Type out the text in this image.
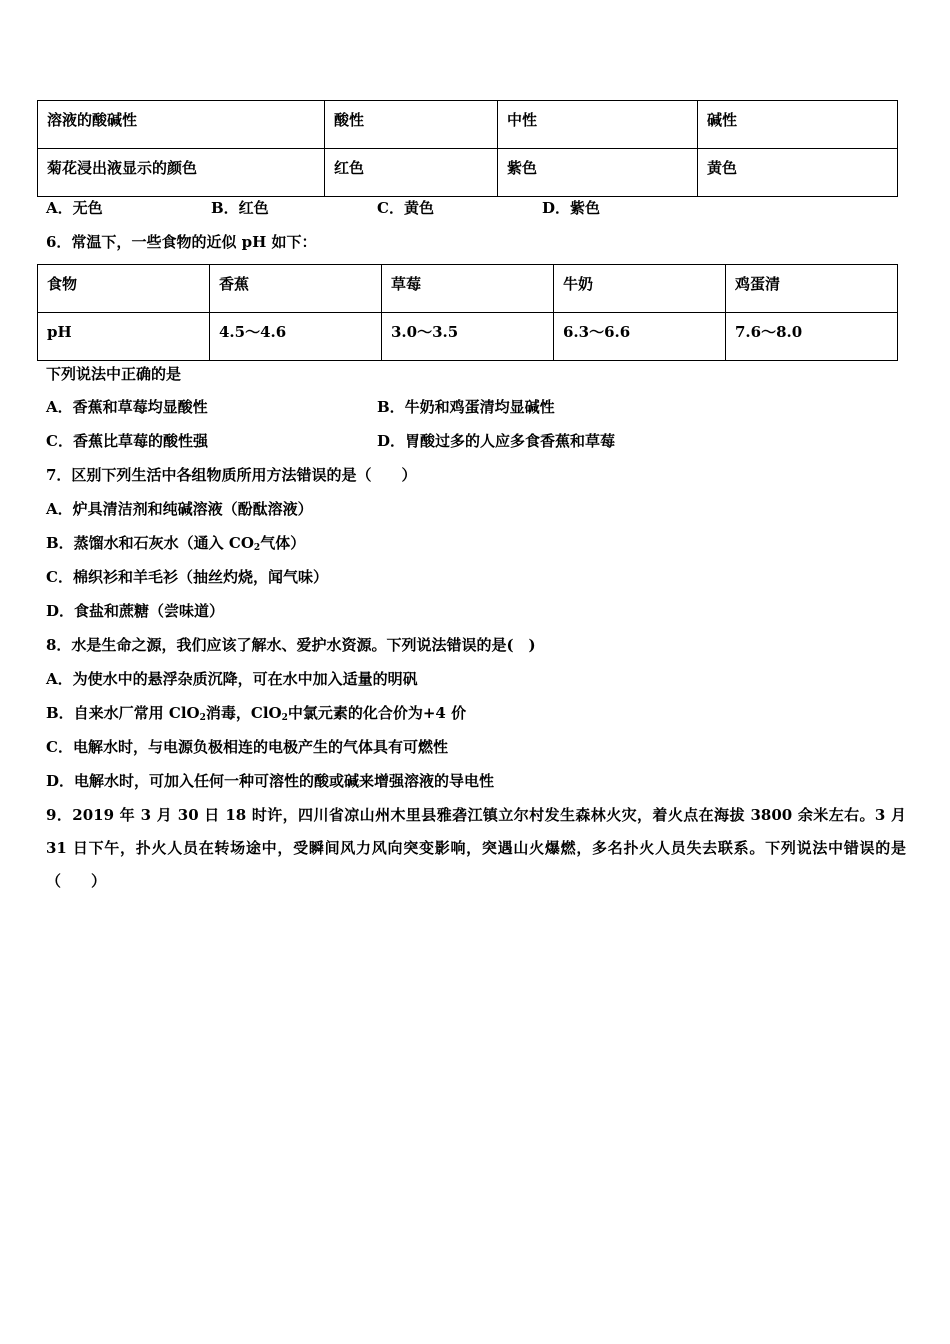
溶液的酸碱性	酸性	中性	碱性
菊花浸出液显示的颜色	红色	紫色	黄色
A．无色	B．红色	C．黄色	D．紫色
6．常温下，一些食物的近似 pH 如下：
食物	香蕉	草莓	牛奶	鸡蛋清
pH	4.5～4.6	3.0～3.5	6.3～6.6	7.6～8.0
下列说法中正确的是
A．香蕉和草莓均显酸性	B．牛奶和鸡蛋清均显碱性
C．香蕉比草莓的酸性强	D．胃酸过多的人应多食香蕉和草莓
7．区别下列生活中各组物质所用方法错误的是（　　）
A．炉具清洁剂和纯碱溶液（酚酞溶液）
B．蒸馏水和石灰水（通入 $CO_2$气体）
C．棉织衫和羊毛衫（抽丝灼烧，闻气味）
D．食盐和蔗糖（尝味道）
8．水是生命之源，我们应该了解水、爱护水资源。下列说法错误的是(　)
A．为使水中的悬浮杂质沉降，可在水中加入适量的明矾
B．自来水厂常用 ClO$_2$消毒，ClO$_2$中氯元素的化合价为+4 价
C．电解水时，与电源负极相连的电极产生的气体具有可燃性
D．电解水时，可加入任何一种可溶性的酸或碱来增强溶液的导电性
9．2019 年 3 月 30 日 18 时许，四川省凉山州木里县雅砻江镇立尔村发生森林火灾，着火点在海拔 3800 余米左右。3 月 31 日下午，扑火人员在转场途中，受瞬间风力风向突变影响，突遇山火爆燃，多名扑火人员失去联系。下列说法中错误的是（　　）
